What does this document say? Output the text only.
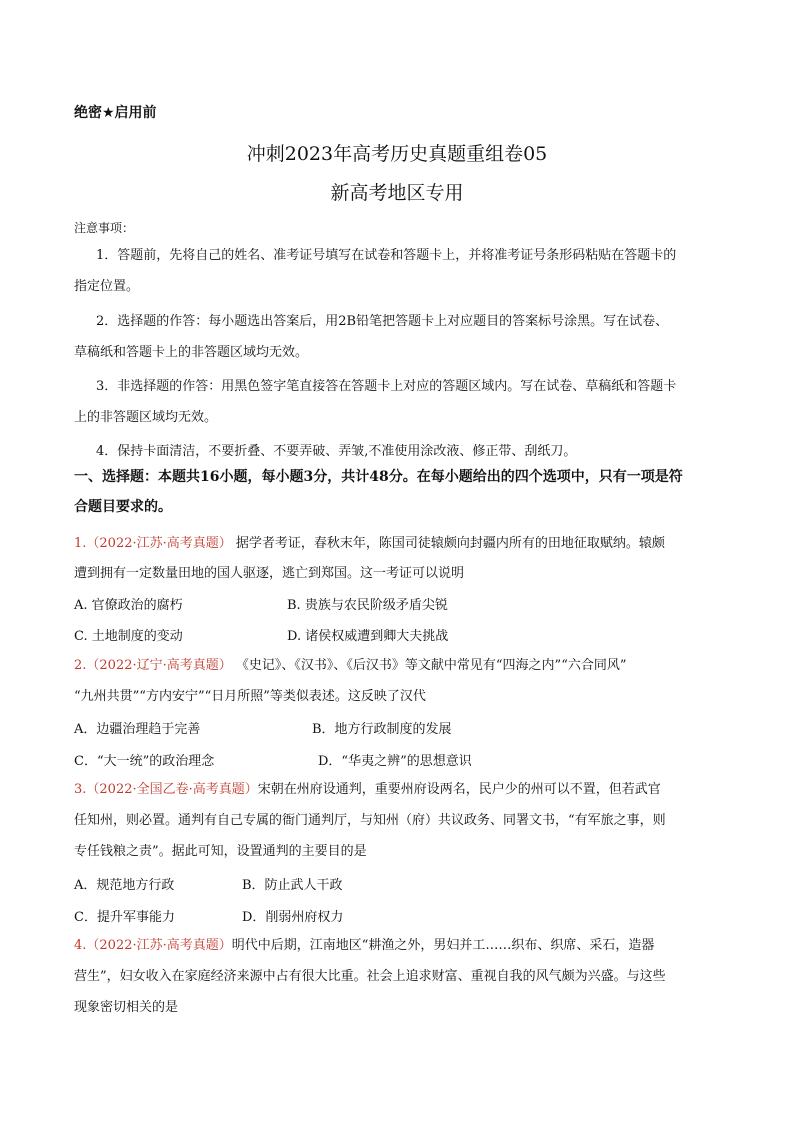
绝密★启用前
冲刺2023年高考历史真题重组卷05
新高考地区专用
注意事项：
1．答题前，先将自己的姓名、准考证号填写在试卷和答题卡上，并将准考证号条形码粘贴在答题卡的
指定位置。
2．选择题的作答：每小题选出答案后，用2B铅笔把答题卡上对应题目的答案标号涂黑。写在试卷、
草稿纸和答题卡上的非答题区域均无效。
3．非选择题的作答：用黑色签字笔直接答在答题卡上对应的答题区域内。写在试卷、草稿纸和答题卡
上的非答题区域均无效。
4．保持卡面清洁，不要折叠、不要弄破、弄皱,不准使用涂改液、修正带、刮纸刀。
一、选择题：本题共16小题，每小题3分，共计48分。在每小题给出的四个选项中，只有一项是符
合题目要求的。
1.（2022·江苏·高考真题） 据学者考证，春秋末年，陈国司徒辕颇向封疆内所有的田地征取赋纳。辕颇
遭到拥有一定数量田地的国人驱逐，逃亡到郑国。这一考证可以说明
A. 官僚政治的腐朽	B. 贵族与农民阶级矛盾尖锐
C. 土地制度的变动	D. 诸侯权威遭到卿大夫挑战
2.（2022·辽宁·高考真题） 《史记》、《汉书》、《后汉书》等文献中常见有“四海之内”“六合同风”
“九州共贯”“方内安宁”“日月所照”等类似表述。这反映了汉代
A．边疆治理趋于完善	B．地方行政制度的发展
C．“大一统”的政治理念	D．“华夷之辨”的思想意识
3.（2022·全国乙卷·高考真题）宋朝在州府设通判，重要州府设两名，民户少的州可以不置，但若武官
任知州，则必置。通判有自己专属的衙门通判厅，与知州（府）共议政务、同署文书，“有军旅之事，则
专任钱粮之责”。据此可知，设置通判的主要目的是
A．规范地方行政	B．防止武人干政
C．提升军事能力	D．削弱州府权力
4.（2022·江苏·高考真题）明代中后期，江南地区“耕渔之外，男妇并工……织布、织席、采石，造器
营生”，妇女收入在家庭经济来源中占有很大比重。社会上追求财富、重视自我的风气颇为兴盛。与这些
现象密切相关的是
